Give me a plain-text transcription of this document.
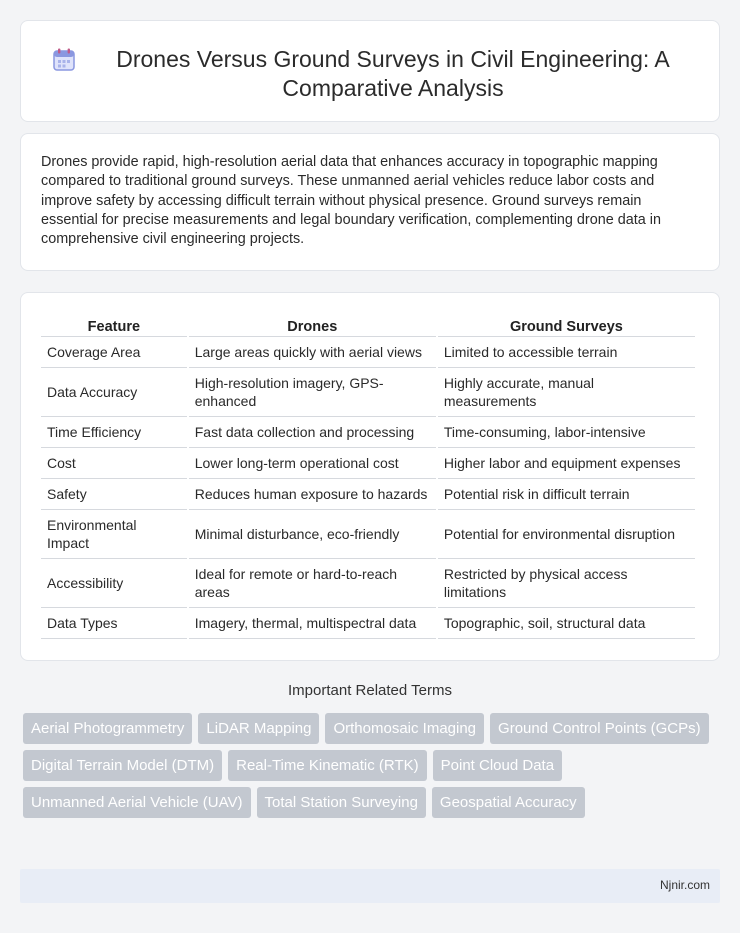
Drones Versus Ground Surveys in Civil Engineering: A Comparative Analysis

Drones provide rapid, high-resolution aerial data that enhances accuracy in topographic mapping compared to traditional ground surveys. These unmanned aerial vehicles reduce labor costs and improve safety by accessing difficult terrain without physical presence. Ground surveys remain essential for precise measurements and legal boundary verification, complementing drone data in comprehensive civil engineering projects.

Feature	Drones	Ground Surveys
Coverage Area	Large areas quickly with aerial views	Limited to accessible terrain
Data Accuracy	High-resolution imagery, GPS-enhanced	Highly accurate, manual measurements
Time Efficiency	Fast data collection and processing	Time-consuming, labor-intensive
Cost	Lower long-term operational cost	Higher labor and equipment expenses
Safety	Reduces human exposure to hazards	Potential risk in difficult terrain
Environmental Impact	Minimal disturbance, eco-friendly	Potential for environmental disruption
Accessibility	Ideal for remote or hard-to-reach areas	Restricted by physical access limitations
Data Types	Imagery, thermal, multispectral data	Topographic, soil, structural data
Important Related Terms
Aerial Photogrammetry	LiDAR Mapping	Orthomosaic Imaging	Ground Control Points (GCPs)
Digital Terrain Model (DTM)	Real-Time Kinematic (RTK)	Point Cloud Data
Unmanned Aerial Vehicle (UAV)	Total Station Surveying	Geospatial Accuracy
Njnir.com
